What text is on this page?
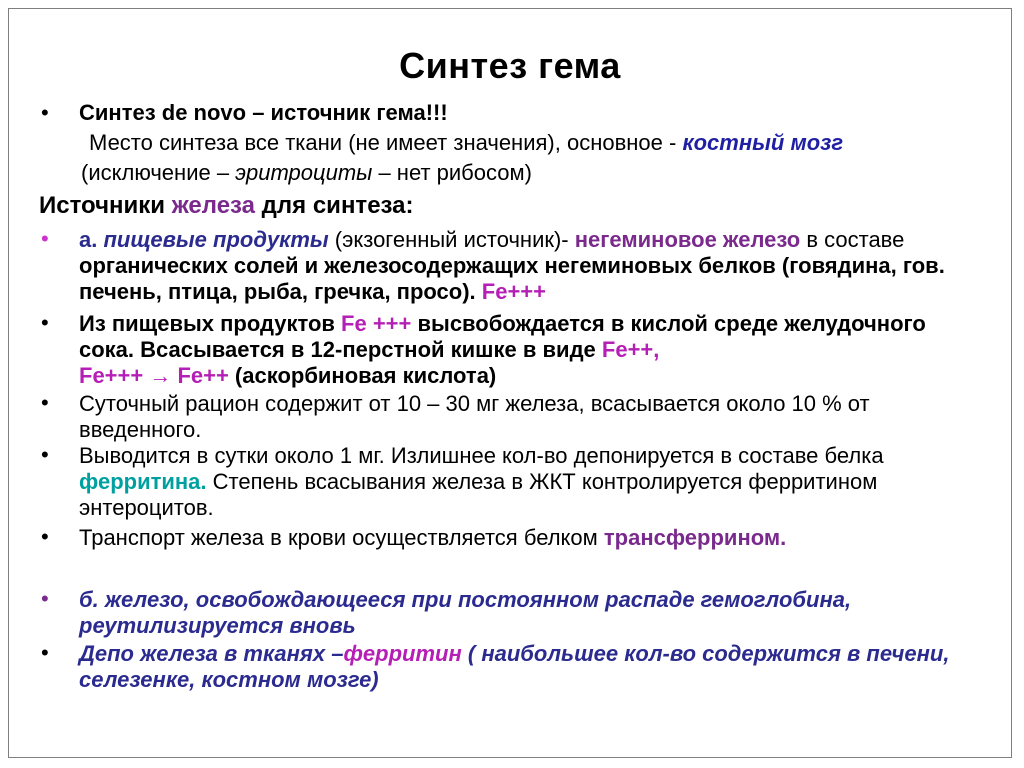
Синтез гема
• Синтез de novo – источник гема!!!
Место синтеза все ткани (не имеет значения), основное - костный мозг
(исключение – эритроциты – нет рибосом)
Источники железа для синтеза:
• а. пищевые продукты (экзогенный источник)- негеминовое железо в составе органических солей и железосодержащих негеминовых белков (говядина, гов. печень, птица, рыба, гречка, просо). Fe+++
• Из пищевых продуктов Fe +++ высвобождается в кислой среде желудочного сока. Всасывается в 12-перстной кишке в виде Fe++,
Fe+++ → Fe++ (аскорбиновая кислота)
• Суточный рацион содержит от 10 – 30 мг железа, всасывается около 10 % от введенного.
• Выводится в сутки около 1 мг. Излишнее кол-во депонируется в составе белка ферритина. Степень всасывания железа в ЖКТ контролируется ферритином энтероцитов.
• Транспорт железа в крови осуществляется белком трансферрином.
• б. железо, освобождающееся при постоянном распаде гемоглобина, реутилизируется вновь
• Депо железа в тканях –ферритин ( наибольшее кол-во содержится в печени, селезенке, костном мозге)
